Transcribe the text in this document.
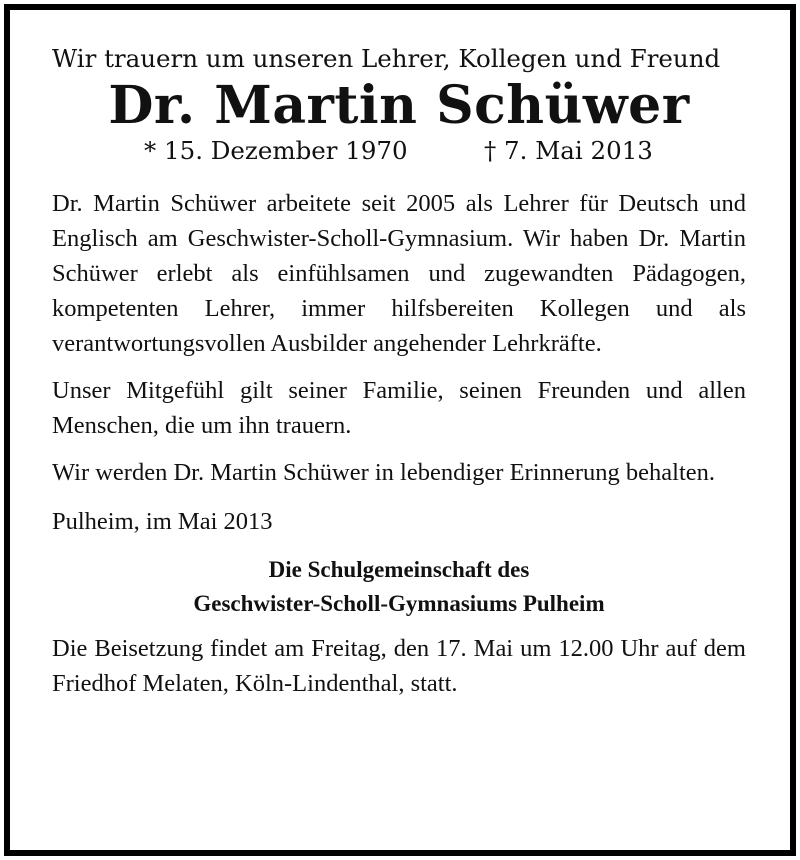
Wir trauern um unseren Lehrer, Kollegen und Freund

Dr. Martin Schüwer
* 15. Dezember 1970	† 7. Mai 2013

Dr. Martin Schüwer arbeitete seit 2005 als Lehrer für Deutsch und Englisch am Geschwister-Scholl-Gymnasium. Wir haben Dr. Martin Schüwer erlebt als einfühlsamen und zugewandten Pädagogen, kompetenten Lehrer, immer hilfsbereiten Kollegen und als verantwortungsvollen Ausbilder angehender Lehrkräfte.

Unser Mitgefühl gilt seiner Familie, seinen Freunden und allen Menschen, die um ihn trauern.

Wir werden Dr. Martin Schüwer in lebendiger Erinnerung behalten.

Pulheim, im Mai 2013

Die Schulgemeinschaft des
Geschwister-Scholl-Gymnasiums Pulheim

Die Beisetzung findet am Freitag, den 17. Mai um 12.00 Uhr auf dem Friedhof Melaten, Köln-Lindenthal, statt.
